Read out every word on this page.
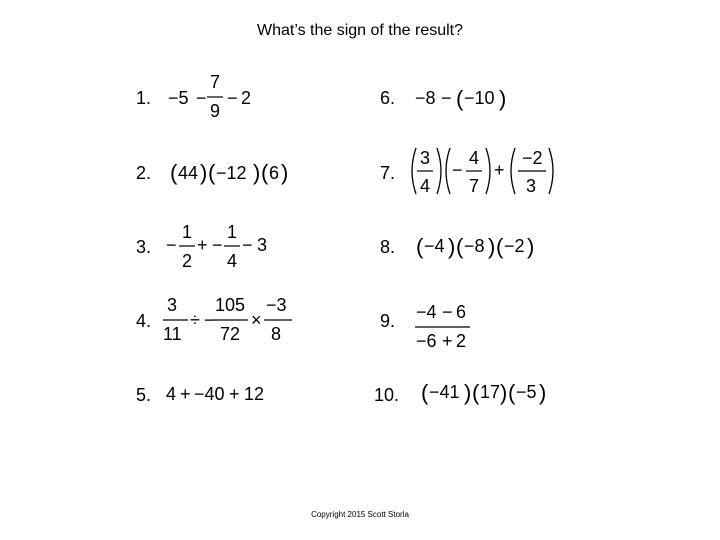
What’s the sign of the result?
1.
2.
3.
4.
5.
6.
7.
8.
9.
10.
−5 −
7
9
− 2
( 44 ) ( −12 ) ( 6 )
−
1
2
+ −
1
4
− 3
3
11
÷ −
105
72
×
−3
8
4 + −40 + 12
−8 − ( −10 )
3
4
−
4
7
+
−2
3
( −4 ) ( −8 ) ( −2 )
−4 − 6
−6 + 2
( −41 ) ( 17 ) ( −5 )
Copyright 2015 Scott Storla
